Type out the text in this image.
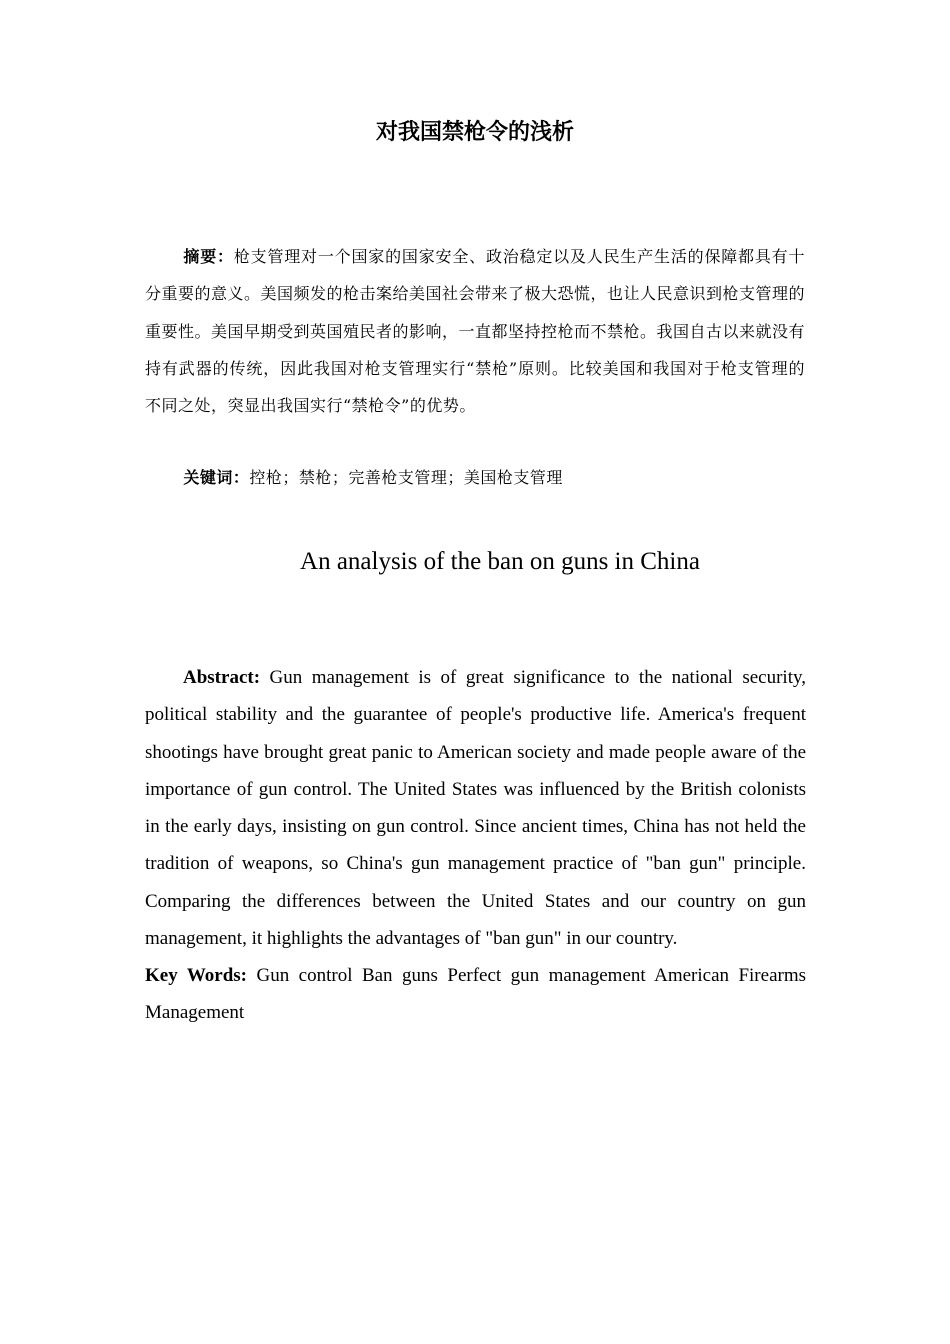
对我国禁枪令的浅析

摘要：枪支管理对一个国家的国家安全、政治稳定以及人民生产生活的保障都具有十分重要的意义。美国频发的枪击案给美国社会带来了极大恐慌，也让人民意识到枪支管理的重要性。美国早期受到英国殖民者的影响，一直都坚持控枪而不禁枪。我国自古以来就没有持有武器的传统，因此我国对枪支管理实行“禁枪”原则。比较美国和我国对于枪支管理的不同之处，突显出我国实行“禁枪令”的优势。

关键词：控枪；禁枪；完善枪支管理；美国枪支管理

An analysis of the ban on guns in China

Abstract: Gun management is of great significance to the national security, political stability and the guarantee of people's productive life. America's frequent shootings have brought great panic to American society and made people aware of the importance of gun control. The United States was influenced by the British colonists in the early days, insisting on gun control. Since ancient times, China has not held the tradition of weapons, so China's gun management practice of "ban gun" principle. Comparing the differences between the United States and our country on gun management, it highlights the advantages of "ban gun" in our country.

Key Words: Gun control Ban guns Perfect gun management American Firearms Management
